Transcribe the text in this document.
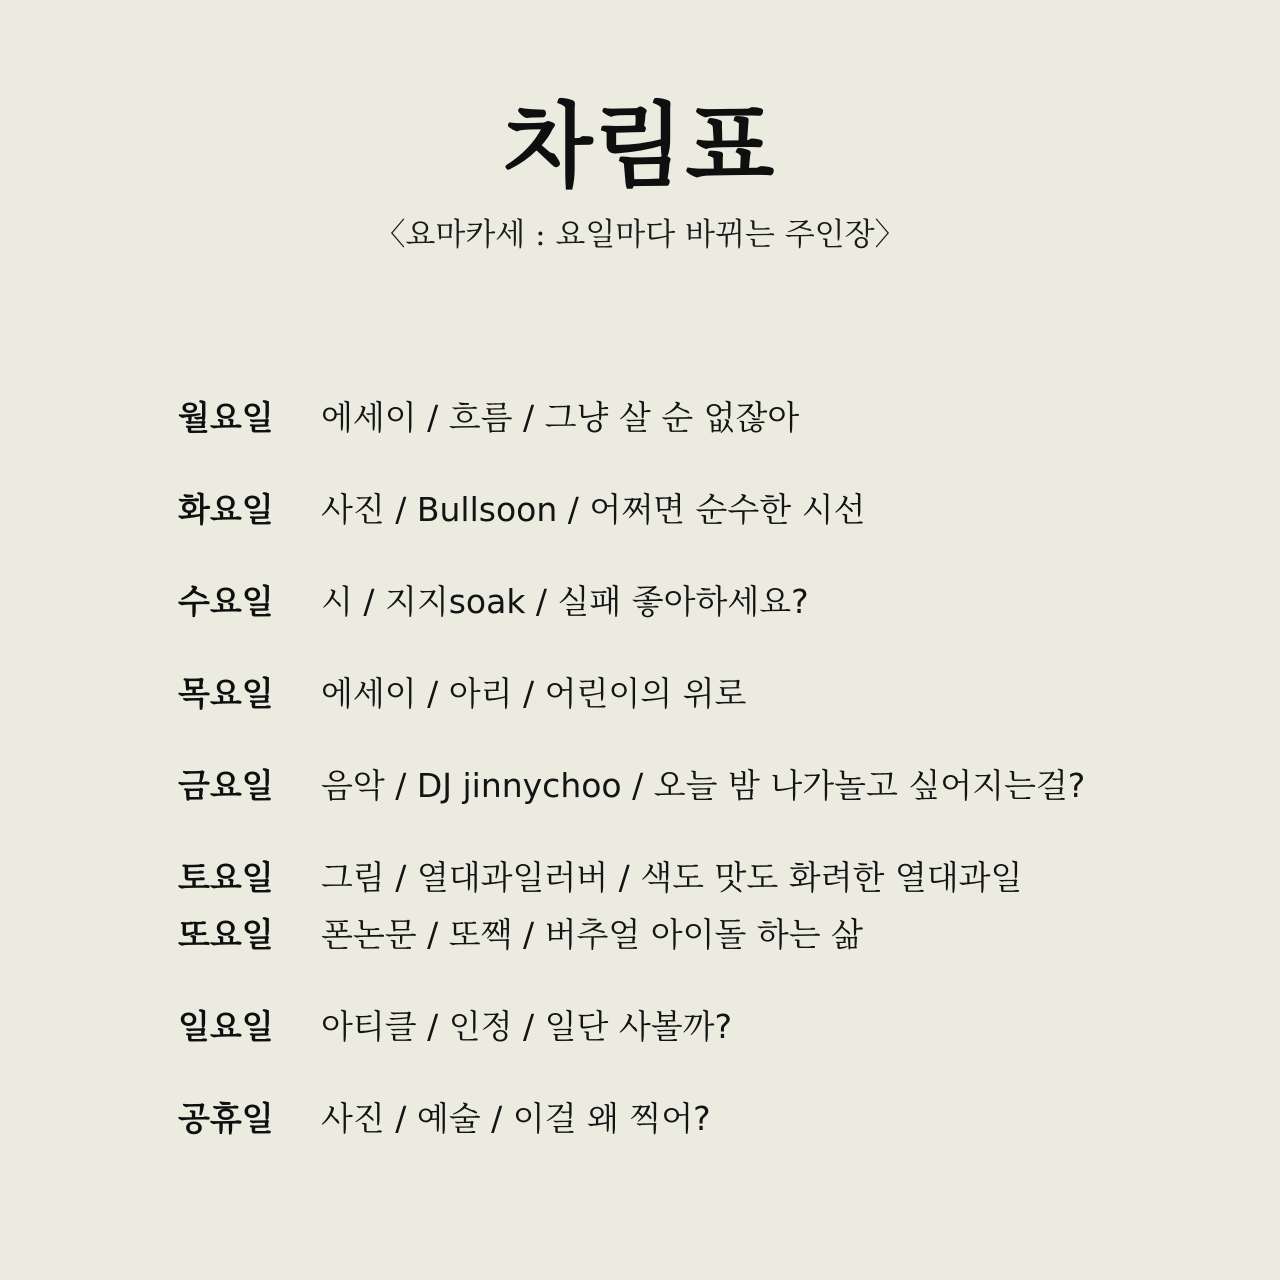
차림표
〈요마카세 : 요일마다 바뀌는 주인장〉
월요일	에세이 / 흐름 / 그냥 살 순 없잖아
화요일	사진 / Bullsoon / 어쩌면 순수한 시선
수요일	시 / 지지soak / 실패 좋아하세요?
목요일	에세이 / 아리 / 어린이의 위로
금요일	음악 / DJ jinnychoo / 오늘 밤 나가놀고 싶어지는걸?
토요일	그림 / 열대과일러버 / 색도 맛도 화려한 열대과일
또요일	폰논문 / 또짹 / 버추얼 아이돌 하는 삶
일요일	아티클 / 인정 / 일단 사볼까?
공휴일	사진 / 예술 / 이걸 왜 찍어?
